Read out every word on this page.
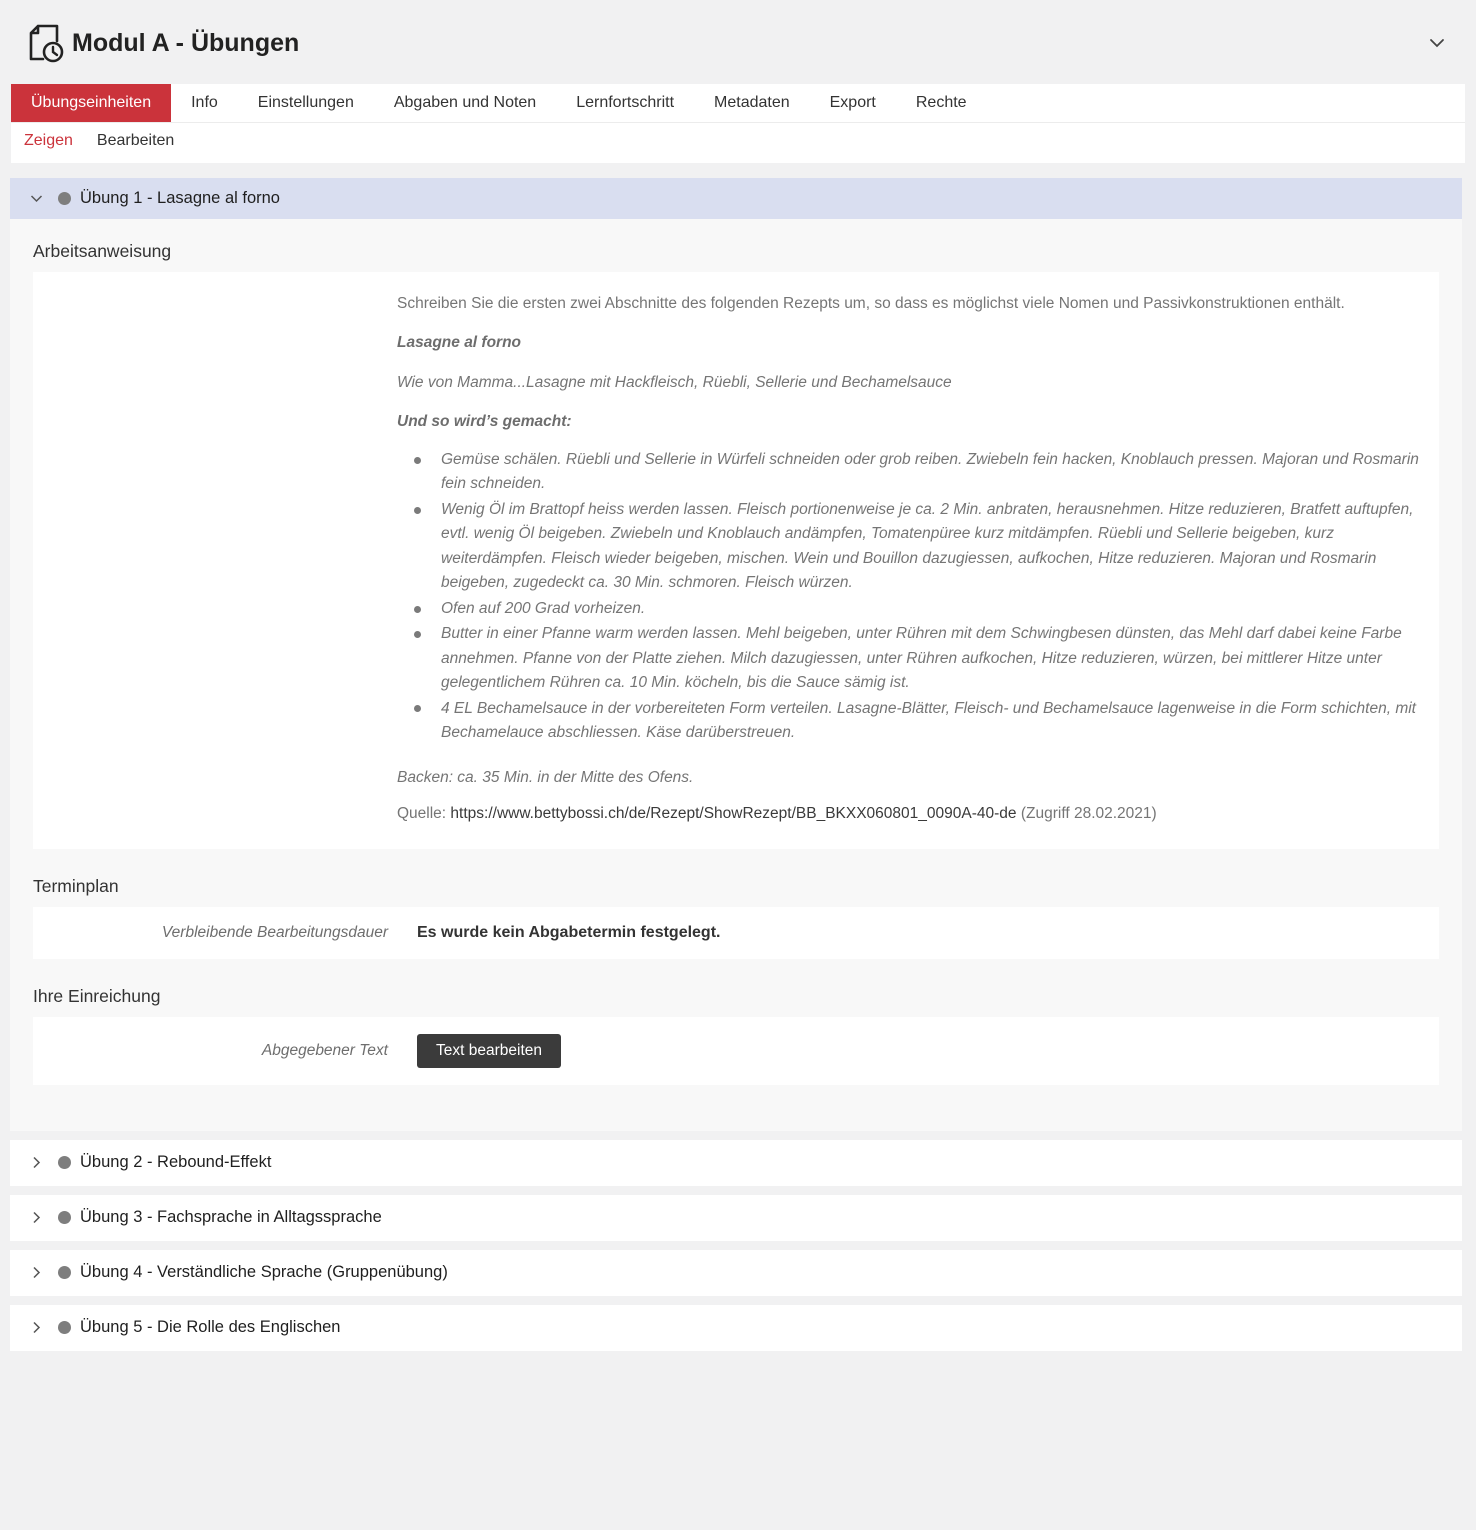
Modul A - Übungen
Übungseinheiten	Info	Einstellungen	Abgaben und Noten	Lernfortschritt	Metadaten	Export	Rechte
Zeigen Bearbeiten
Übung 1 - Lasagne al forno
Arbeitsanweisung

Schreiben Sie die ersten zwei Abschnitte des folgenden Rezepts um, so dass es möglichst viele Nomen und Passivkonstruktionen enthält.

Lasagne al forno

Wie von Mamma...Lasagne mit Hackfleisch, Rüebli, Sellerie und Bechamelsauce

Und so wird’s gemacht:

Gemüse schälen. Rüebli und Sellerie in Würfeli schneiden oder grob reiben. Zwiebeln fein hacken, Knoblauch pressen. Majoran und Rosmarin fein schneiden.
Wenig Öl im Brattopf heiss werden lassen. Fleisch portionenweise je ca. 2 Min. anbraten, herausnehmen. Hitze reduzieren, Bratfett auftupfen, evtl. wenig Öl beigeben. Zwiebeln und Knoblauch andämpfen, Tomatenpüree kurz mitdämpfen. Rüebli und Sellerie beigeben, kurz weiterdämpfen. Fleisch wieder beigeben, mischen. Wein und Bouillon dazugiessen, aufkochen, Hitze reduzieren. Majoran und Rosmarin beigeben, zugedeckt ca. 30 Min. schmoren. Fleisch würzen.
Ofen auf 200 Grad vorheizen.
Butter in einer Pfanne warm werden lassen. Mehl beigeben, unter Rühren mit dem Schwingbesen dünsten, das Mehl darf dabei keine Farbe annehmen. Pfanne von der Platte ziehen. Milch dazugiessen, unter Rühren aufkochen, Hitze reduzieren, würzen, bei mittlerer Hitze unter gelegentlichem Rühren ca. 10 Min. köcheln, bis die Sauce sämig ist.
4 EL Bechamelsauce in der vorbereiteten Form verteilen. Lasagne-Blätter, Fleisch- und Bechamelsauce lagenweise in die Form schichten, mit Bechamelauce abschliessen. Käse darüberstreuen.

Backen: ca. 35 Min. in der Mitte des Ofens.

Quelle: https://www.bettybossi.ch/de/Rezept/ShowRezept/BB_BKXX060801_0090A-40-de (Zugriff 28.02.2021)

Terminplan
Verbleibende Bearbeitungsdauer	Es wurde kein Abgabetermin festgelegt.
Ihre Einreichung
Abgegebener Text	Text bearbeiten
Übung 2 - Rebound-Effekt
Übung 3 - Fachsprache in Alltagssprache
Übung 4 - Verständliche Sprache (Gruppenübung)
Übung 5 - Die Rolle des Englischen
